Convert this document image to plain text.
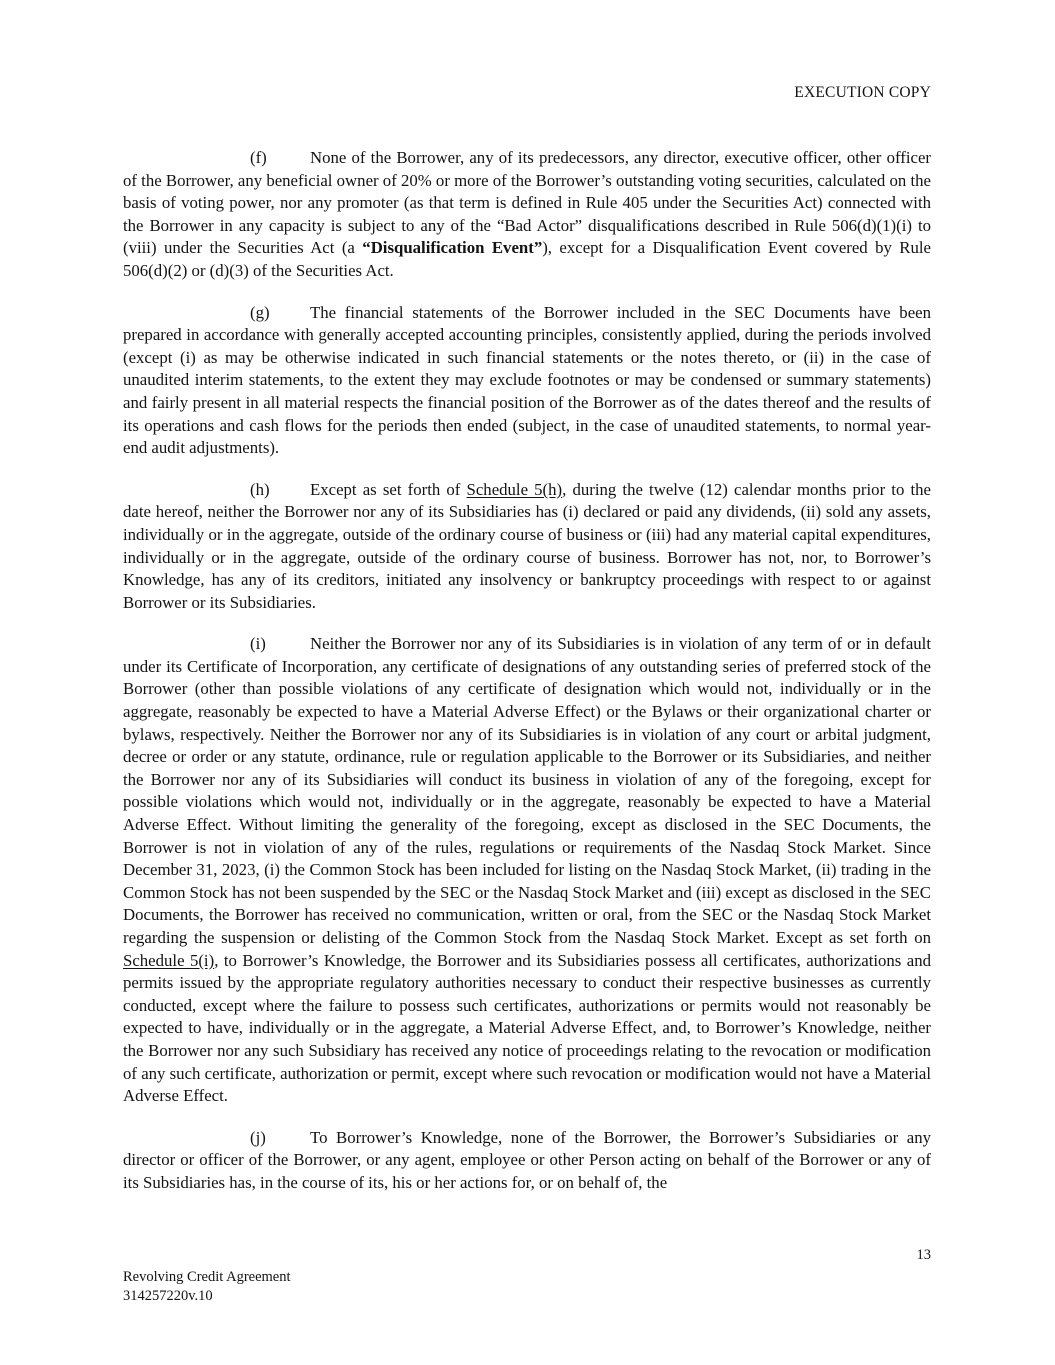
EXECUTION COPY

(f)	None of the Borrower, any of its predecessors, any director, executive officer, other officer of the Borrower, any beneficial owner of 20% or more of the Borrower’s outstanding voting securities, calculated on the basis of voting power, nor any promoter (as that term is defined in Rule 405 under the Securities Act) connected with the Borrower in any capacity is subject to any of the “Bad Actor” disqualifications described in Rule 506(d)(1)(i) to (viii) under the Securities Act (a “Disqualification Event”), except for a Disqualification Event covered by Rule 506(d)(2) or (d)(3) of the Securities Act.

(g) The financial statements of the Borrower included in the SEC Documents have been prepared in accordance with generally accepted accounting principles, consistently applied, during the periods involved (except (i) as may be otherwise indicated in such financial statements or the notes thereto, or (ii) in the case of unaudited interim statements, to the extent they may exclude footnotes or may be condensed or summary statements) and fairly present in all material respects the financial position of the Borrower as of the dates thereof and the results of its operations and cash flows for the periods then ended (subject, in the case of unaudited statements, to normal year-end audit adjustments).

(h) Except as set forth of Schedule 5(h), during the twelve (12) calendar months prior to the date hereof, neither the Borrower nor any of its Subsidiaries has (i) declared or paid any dividends, (ii) sold any assets, individually or in the aggregate, outside of the ordinary course of business or (iii) had any material capital expenditures, individually or in the aggregate, outside of the ordinary course of business. Borrower has not, nor, to Borrower’s Knowledge, has any of its creditors, initiated any insolvency or bankruptcy proceedings with respect to or against Borrower or its Subsidiaries.

(i)	Neither the Borrower nor any of its Subsidiaries is in violation of any term of or in default under its Certificate of Incorporation, any certificate of designations of any outstanding series of preferred stock of the Borrower (other than possible violations of any certificate of designation which would not, individually or in the aggregate, reasonably be expected to have a Material Adverse Effect) or the Bylaws or their organizational charter or bylaws, respectively. Neither the Borrower nor any of its Subsidiaries is in violation of any court or arbital judgment, decree or order or any statute, ordinance, rule or regulation applicable to the Borrower or its Subsidiaries, and neither the Borrower nor any of its Subsidiaries will conduct its business in violation of any of the foregoing, except for possible violations which would not, individually or in the aggregate, reasonably be expected to have a Material Adverse Effect. Without limiting the generality of the foregoing, except as disclosed in the SEC Documents, the Borrower is not in violation of any of the rules, regulations or requirements of the Nasdaq Stock Market. Since December 31, 2023, (i) the Common Stock has been included for listing on the Nasdaq Stock Market, (ii) trading in the Common Stock has not been suspended by the SEC or the Nasdaq Stock Market and (iii) except as disclosed in the SEC Documents, the Borrower has received no communication, written or oral, from the SEC or the Nasdaq Stock Market regarding the suspension or delisting of the Common Stock from the Nasdaq Stock Market. Except as set forth on Schedule 5(i), to Borrower’s Knowledge, the Borrower and its Subsidiaries possess all certificates, authorizations and permits issued by the appropriate regulatory authorities necessary to conduct their respective businesses as currently conducted, except where the failure to possess such certificates, authorizations or permits would not reasonably be expected to have, individually or in the aggregate, a Material Adverse Effect, and, to Borrower’s Knowledge, neither the Borrower nor any such Subsidiary has received any notice of proceedings relating to the revocation or modification of any such certificate, authorization or permit, except where such revocation or modification would not have a Material Adverse Effect.

(j)	To Borrower’s Knowledge, none of the Borrower, the Borrower’s Subsidiaries or any director or officer of the Borrower, or any agent, employee or other Person acting on behalf of the Borrower or any of its Subsidiaries has, in the course of its, his or her actions for, or on behalf of, the

13
Revolving Credit Agreement
314257220v.10
